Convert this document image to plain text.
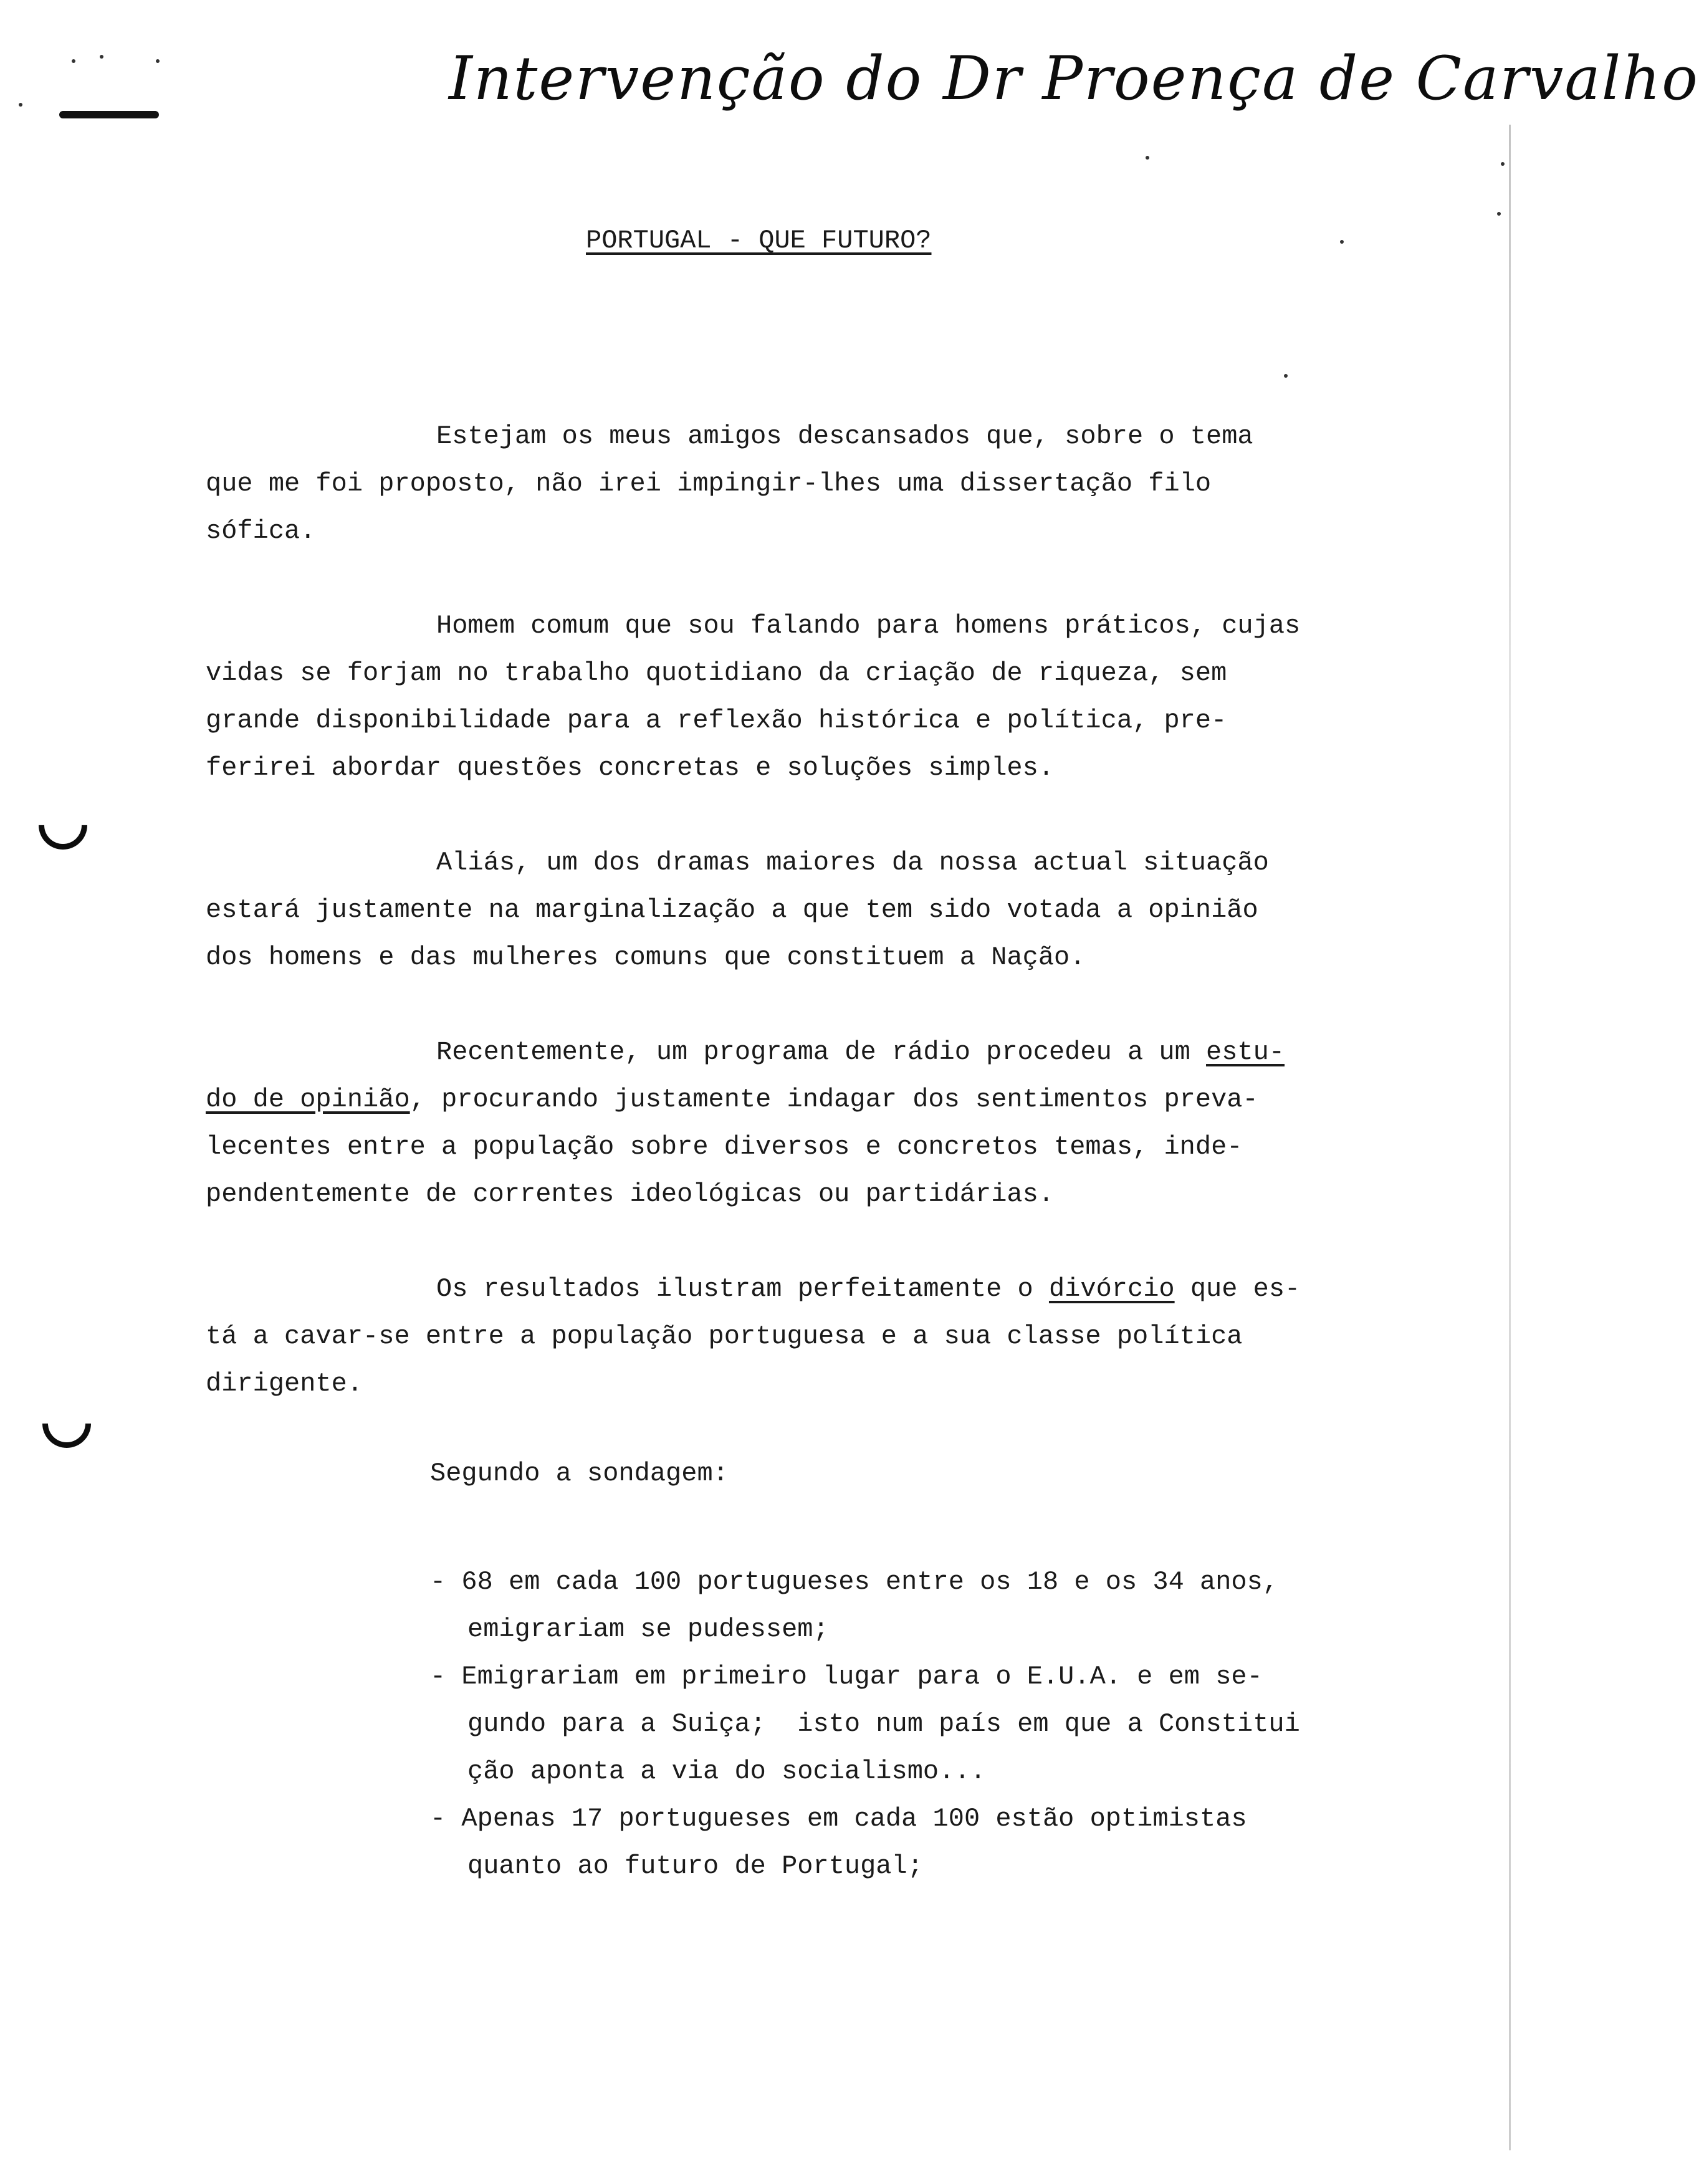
Intervenção do Dr Proença de Carvalho
PORTUGAL - QUE FUTURO?
Estejam os meus amigos descansados que, sobre o tema
que me foi proposto, não irei impingir-lhes uma dissertação filo
sófica.
Homem comum que sou falando para homens práticos, cujas
vidas se forjam no trabalho quotidiano da criação de riqueza, sem
grande disponibilidade para a reflexão histórica e política, pre-
ferirei abordar questões concretas e soluções simples.
Aliás, um dos dramas maiores da nossa actual situação
estará justamente na marginalização a que tem sido votada a opinião
dos homens e das mulheres comuns que constituem a Nação.
Recentemente, um programa de rádio procedeu a um estu-
do de opinião, procurando justamente indagar dos sentimentos preva-
lecentes entre a população sobre diversos e concretos temas, inde-
pendentemente de correntes ideológicas ou partidárias.
Os resultados ilustram perfeitamente o divórcio que es-
tá a cavar-se entre a população portuguesa e a sua classe política
dirigente.
Segundo a sondagem:
- 68 em cada 100 portugueses entre os 18 e os 34 anos,
emigrariam se pudessem;
- Emigrariam em primeiro lugar para o E.U.A. e em se-
gundo para a Suiça;  isto num país em que a Constitui
ção aponta a via do socialismo...
- Apenas 17 portugueses em cada 100 estão optimistas
quanto ao futuro de Portugal;
